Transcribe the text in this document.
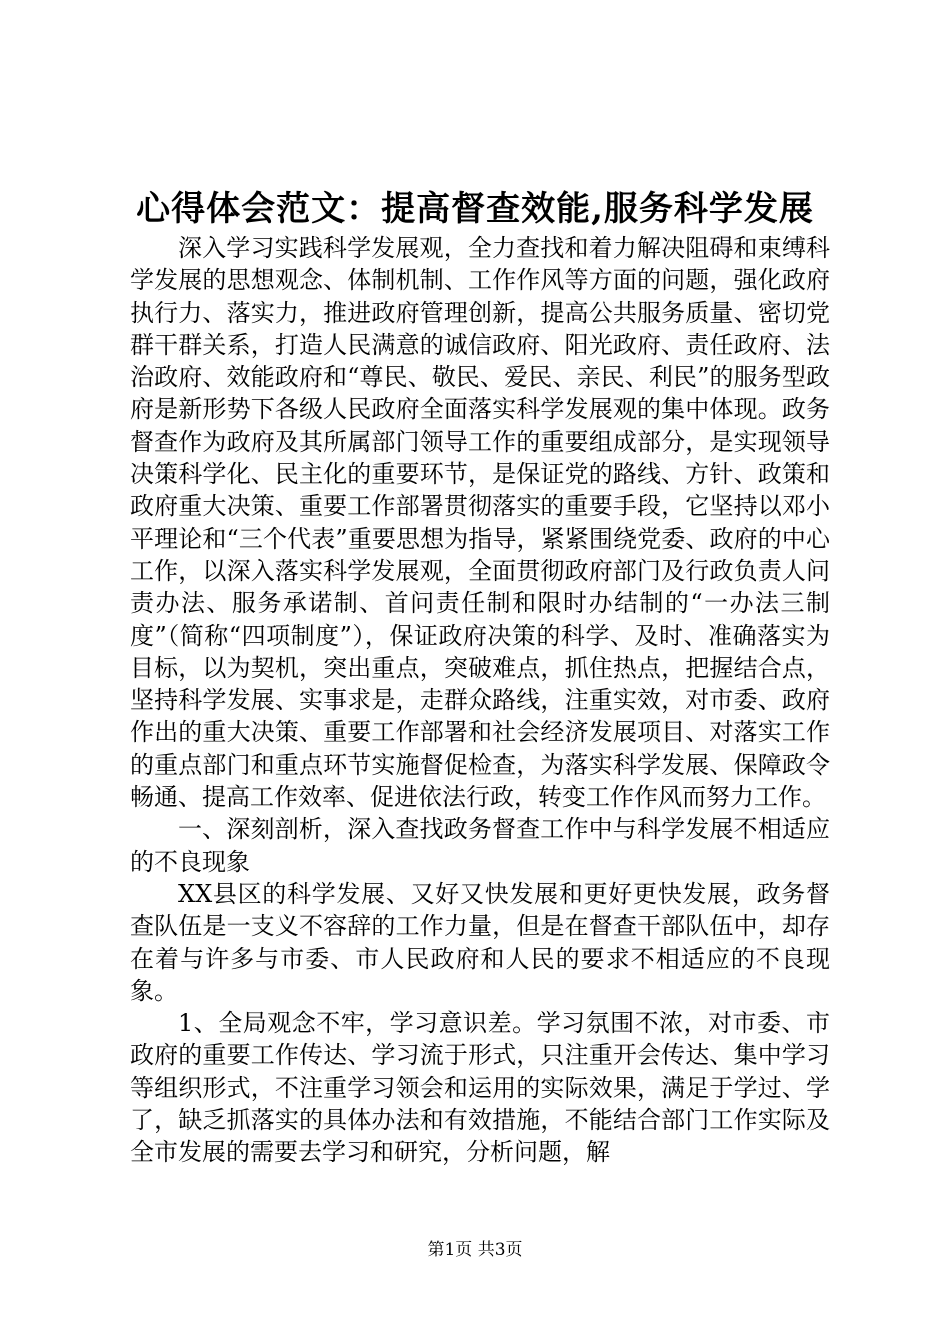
心得体会范文：提高督查效能,服务科学发展

深入学习实践科学发展观，全力查找和着力解决阻碍和束缚科学发展的思想观念、体制机制、工作作风等方面的问题，强化政府执行力、落实力，推进政府管理创新，提高公共服务质量、密切党群干群关系，打造人民满意的诚信政府、阳光政府、责任政府、法治政府、效能政府和“尊民、敬民、爱民、亲民、利民”的服务型政府是新形势下各级人民政府全面落实科学发展观的集中体现。政务督查作为政府及其所属部门领导工作的重要组成部分，是实现领导决策科学化、民主化的重要环节，是保证党的路线、方针、政策和政府重大决策、重要工作部署贯彻落实的重要手段，它坚持以邓小平理论和“三个代表”重要思想为指导，紧紧围绕党委、政府的中心工作，以深入落实科学发展观，全面贯彻政府部门及行政负责人问责办法、服务承诺制、首问责任制和限时办结制的“一办法三制度”（简称“四项制度”），保证政府决策的科学、及时、准确落实为目标，以为契机，突出重点，突破难点，抓住热点，把握结合点，坚持科学发展、实事求是，走群众路线，注重实效，对市委、政府作出的重大决策、重要工作部署和社会经济发展项目、对落实工作的重点部门和重点环节实施督促检查，为落实科学发展、保障政令畅通、提高工作效率、促进依法行政，转变工作作风而努力工作。

一、深刻剖析，深入查找政务督查工作中与科学发展不相适应的不良现象

XX县区的科学发展、又好又快发展和更好更快发展，政务督查队伍是一支义不容辞的工作力量，但是在督查干部队伍中，却存在着与许多与市委、市人民政府和人民的要求不相适应的不良现象。

1、全局观念不牢，学习意识差。学习氛围不浓，对市委、市政府的重要工作传达、学习流于形式，只注重开会传达、集中学习等组织形式，不注重学习领会和运用的实际效果，满足于学过、学了，缺乏抓落实的具体办法和有效措施，不能结合部门工作实际及全市发展的需要去学习和研究，分析问题，解

第1页 共3页
